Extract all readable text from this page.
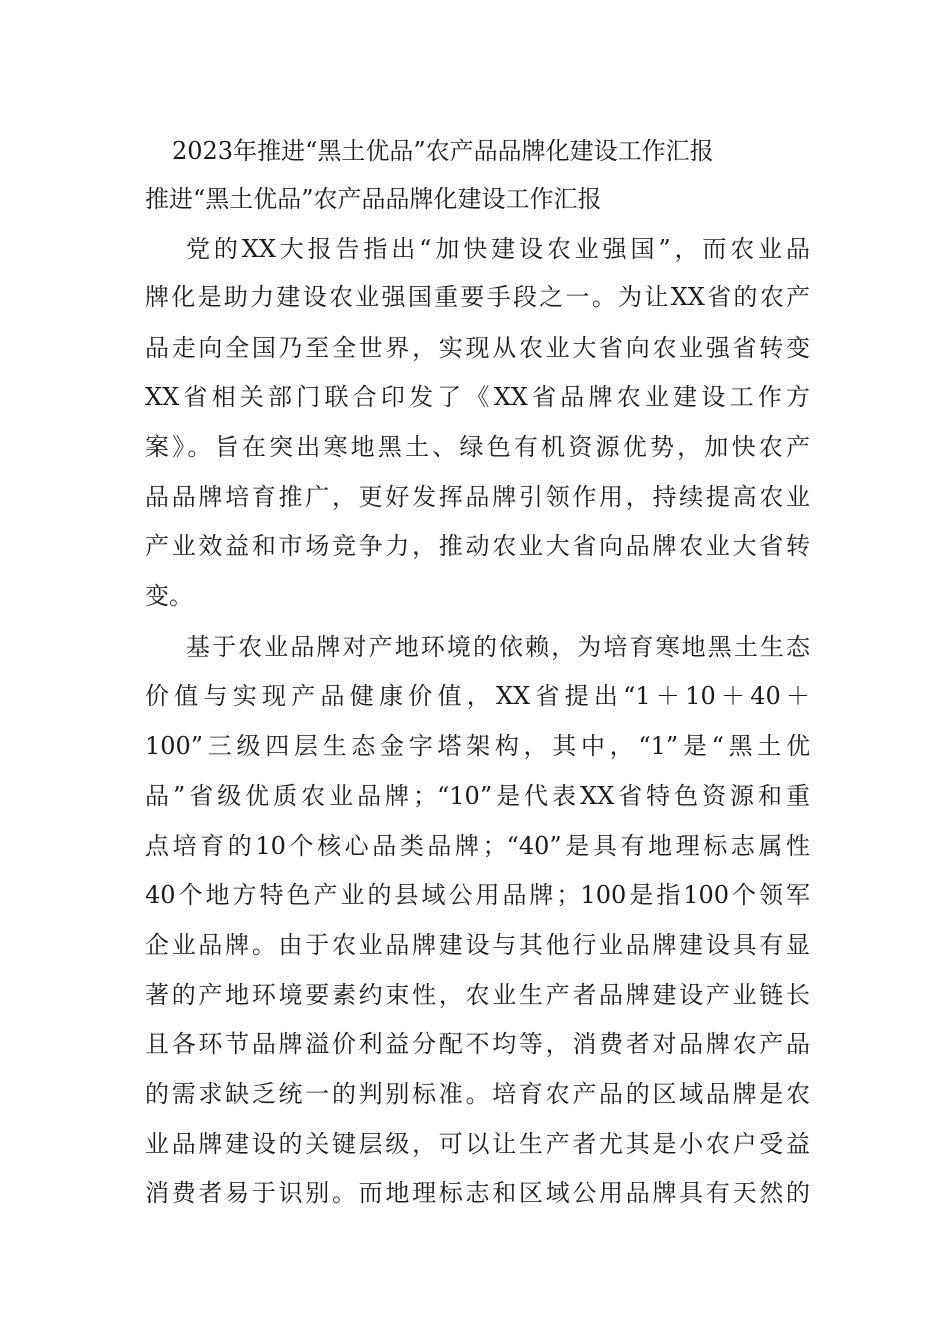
2023年推进“黑土优品”农产品品牌化建设工作汇报
推进“黑土优品”农产品品牌化建设工作汇报
党的XX大报告指出“加快建设农业强国”，而农业品
牌化是助力建设农业强国重要手段之一。为让XX省的农产
品走向全国乃至全世界，实现从农业大省向农业强省转变
XX省相关部门联合印发了《XX省品牌农业建设工作方
案》。旨在突出寒地黑土、绿色有机资源优势，加快农产
品品牌培育推广，更好发挥品牌引领作用，持续提高农业
产业效益和市场竞争力，推动农业大省向品牌农业大省转
变。
基于农业品牌对产地环境的依赖，为培育寒地黑土生态
价值与实现产品健康价值，XX省提出“1＋10＋40＋
100”三级四层生态金字塔架构，其中，“1”是“黑土优
品”省级优质农业品牌；“10”是代表XX省特色资源和重
点培育的10个核心品类品牌；“40”是具有地理标志属性
40个地方特色产业的县域公用品牌；100是指100个领军
企业品牌。由于农业品牌建设与其他行业品牌建设具有显
著的产地环境要素约束性，农业生产者品牌建设产业链长
且各环节品牌溢价利益分配不均等，消费者对品牌农产品
的需求缺乏统一的判别标准。培育农产品的区域品牌是农
业品牌建设的关键层级，可以让生产者尤其是小农户受益
消费者易于识别。而地理标志和区域公用品牌具有天然的
